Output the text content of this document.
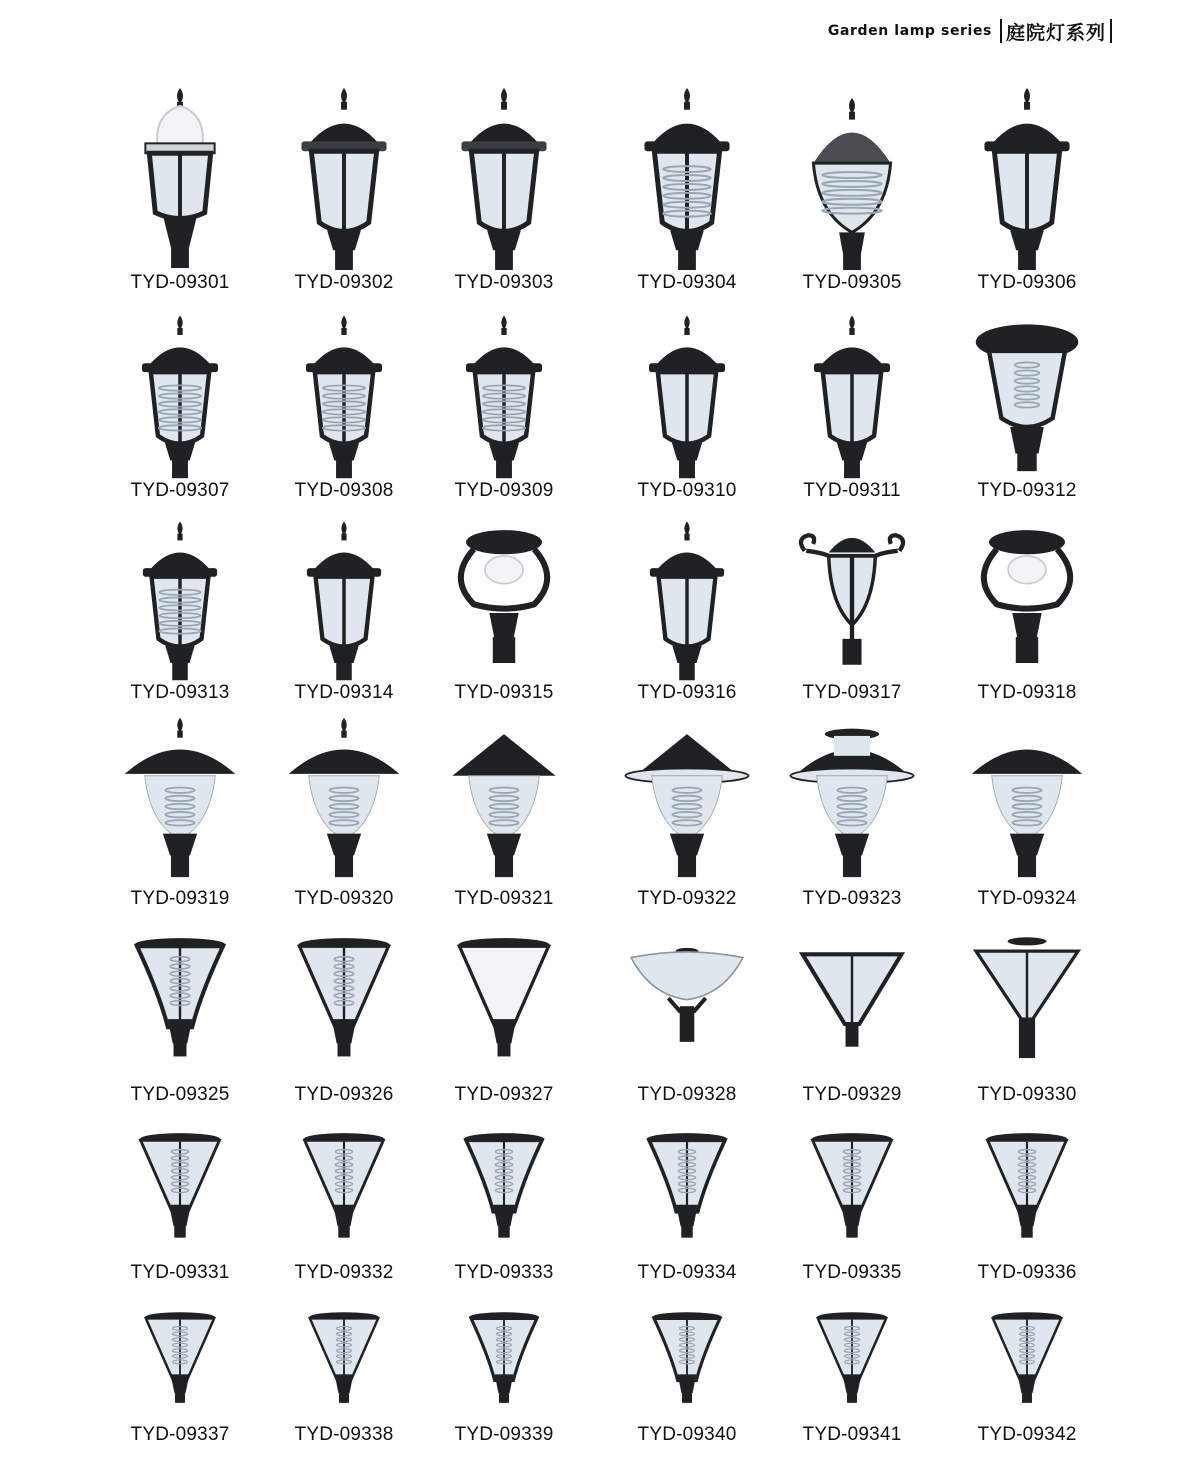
Garden lamp series 庭院灯系列
TYD-09301	TYD-09302	TYD-09303	TYD-09304	TYD-09305	TYD-09306
TYD-09307	TYD-09308	TYD-09309	TYD-09310	TYD-09311	TYD-09312
TYD-09313	TYD-09314	TYD-09315	TYD-09316	TYD-09317	TYD-09318
TYD-09319	TYD-09320	TYD-09321	TYD-09322	TYD-09323	TYD-09324
TYD-09325	TYD-09326	TYD-09327	TYD-09328	TYD-09329	TYD-09330
TYD-09331	TYD-09332	TYD-09333	TYD-09334	TYD-09335	TYD-09336
TYD-09337	TYD-09338	TYD-09339	TYD-09340	TYD-09341	TYD-09342
